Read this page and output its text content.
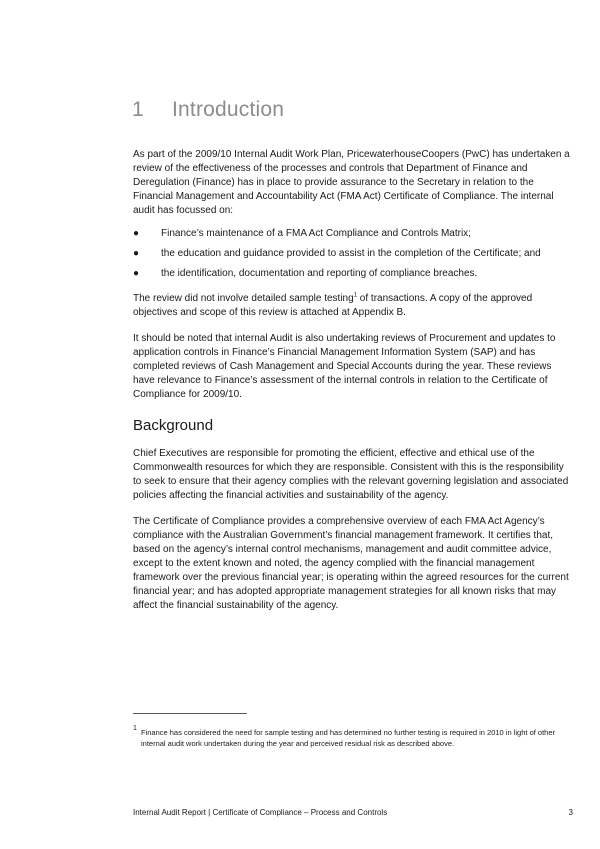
1 Introduction

As part of the 2009/10 Internal Audit Work Plan, PricewaterhouseCoopers (PwC) has undertaken a review of the effectiveness of the processes and controls that Department of Finance and Deregulation (Finance) has in place to provide assurance to the Secretary in relation to the Financial Management and Accountability Act (FMA Act) Certificate of Compliance. The internal audit has focussed on:

● Finance’s maintenance of a FMA Act Compliance and Controls Matrix;
● the education and guidance provided to assist in the completion of the Certificate; and
● the identification, documentation and reporting of compliance breaches.

The review did not involve detailed sample testing$^1$ of transactions. A copy of the approved objectives and scope of this review is attached at Appendix B.

It should be noted that internal Audit is also undertaking reviews of Procurement and updates to application controls in Finance’s Financial Management Information System (SAP) and has completed reviews of Cash Management and Special Accounts during the year. These reviews have relevance to Finance’s assessment of the internal controls in relation to the Certificate of Compliance for 2009/10.

Background

Chief Executives are responsible for promoting the efficient, effective and ethical use of the Commonwealth resources for which they are responsible. Consistent with this is the responsibility to seek to ensure that their agency complies with the relevant governing legislation and associated policies affecting the financial activities and sustainability of the agency.

The Certificate of Compliance provides a comprehensive overview of each FMA Act Agency’s compliance with the Australian Government’s financial management framework. It certifies that, based on the agency’s internal control mechanisms, management and audit committee advice, except to the extent known and noted, the agency complied with the financial management framework over the previous financial year; is operating within the agreed resources for the current financial year; and has adopted appropriate management strategies for all known risks that may affect the financial sustainability of the agency.

1 Finance has considered the need for sample testing and has determined no further testing is required in 2010 in light of other internal audit work undertaken during the year and perceived residual risk as described above.
Internal Audit Report | Certificate of Compliance – Process and Controls	3
